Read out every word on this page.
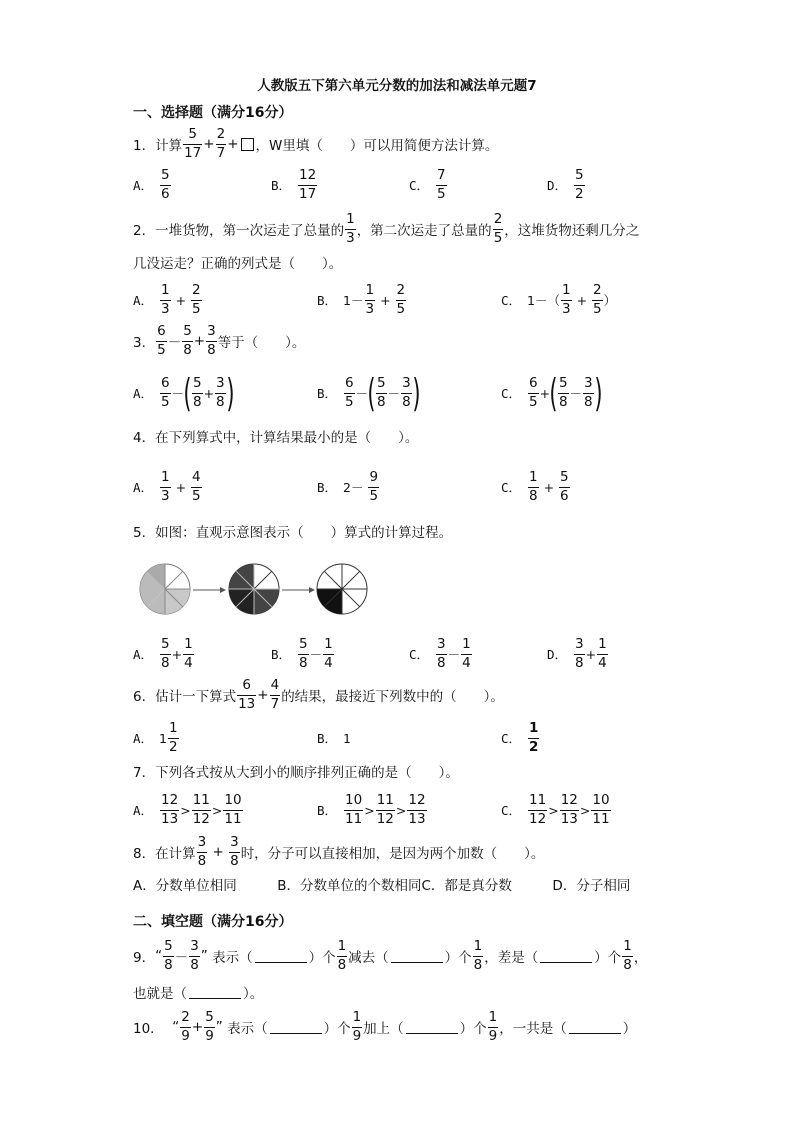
人教版五下第六单元分数的加法和减法单元题7
一、选择题（满分16分）
1． 计算
5
17
+ $\frac{2}{7}$ + ，W里填（　　）可以用简便方法计算。
A．
5
6	B．
12
17	C．
7
5	D．
5
2
2． 一堆货物，第一次运走了总量的
1
3 ，第二次运走了总量的
2
5 ，这堆货物还剩几分之
几没运走？正确的列式是（　　）。
A．
1
3
+ $\frac{2}{5}$	B． 1 －
1
3
+ $\frac{2}{5}$	C． 1 －（
1
3
+ $\frac{2}{5}$ ）
3．
6
5 －
5
8
+ $\frac{3}{8}$ 等于（　　）。
A．
6
5 － ( 5
8
+ $\frac{3}{8}$ )	B．
6
5 － ( 5
8 －
3
8 )	C．
6
5
+ ( 5
8 －
3
8 )
4．在下列算式中，计算结果最小的是（　　）。
A．
1
3
+ $\frac{4}{5}$	B． 2 －
9
5	C．
1
8
+ $\frac{5}{6}$
5．如图：直观示意图表示（　　）算式的计算过程。
A．
5
8
+ $\frac{1}{4}$	B．
5
8 －
1
4	C．
3
8 －
1
4	D．
3
8
+ $\frac{1}{4}$
6． 估计一下算式
6
13
+ $\frac{4}{7}$ 的结果，最接近下列数中的（　　）。
A． 1
1
2	B． 1	C．
1
2
7．下列各式按从大到小的顺序排列正确的是（　　）。
A．
12
13
>
11
12
>
10
11	B．
10
11
>
11
12
>
12
13	C．
11
12
>
12
13
>
10
11
8． 在计算
3
8
+ $\frac{3}{8}$ 时，分子可以直接相加，是因为两个加数（　　）。
A．分数单位相同　　　B．分数单位的个数相同C．都是真分数　　　D．分子相同
二、填空题（满分16分）
9． “
5
8 －
3
8
”
表示（	）个
1
8 减去（	）个
1
8 ，差是（	）个
1
8 ，
也就是（	）。
10．
“
2
9
+ $\frac{5}{9}$ ”
表示（	）个
1
9 加上（	）个
1
9 ，一共是（	）
